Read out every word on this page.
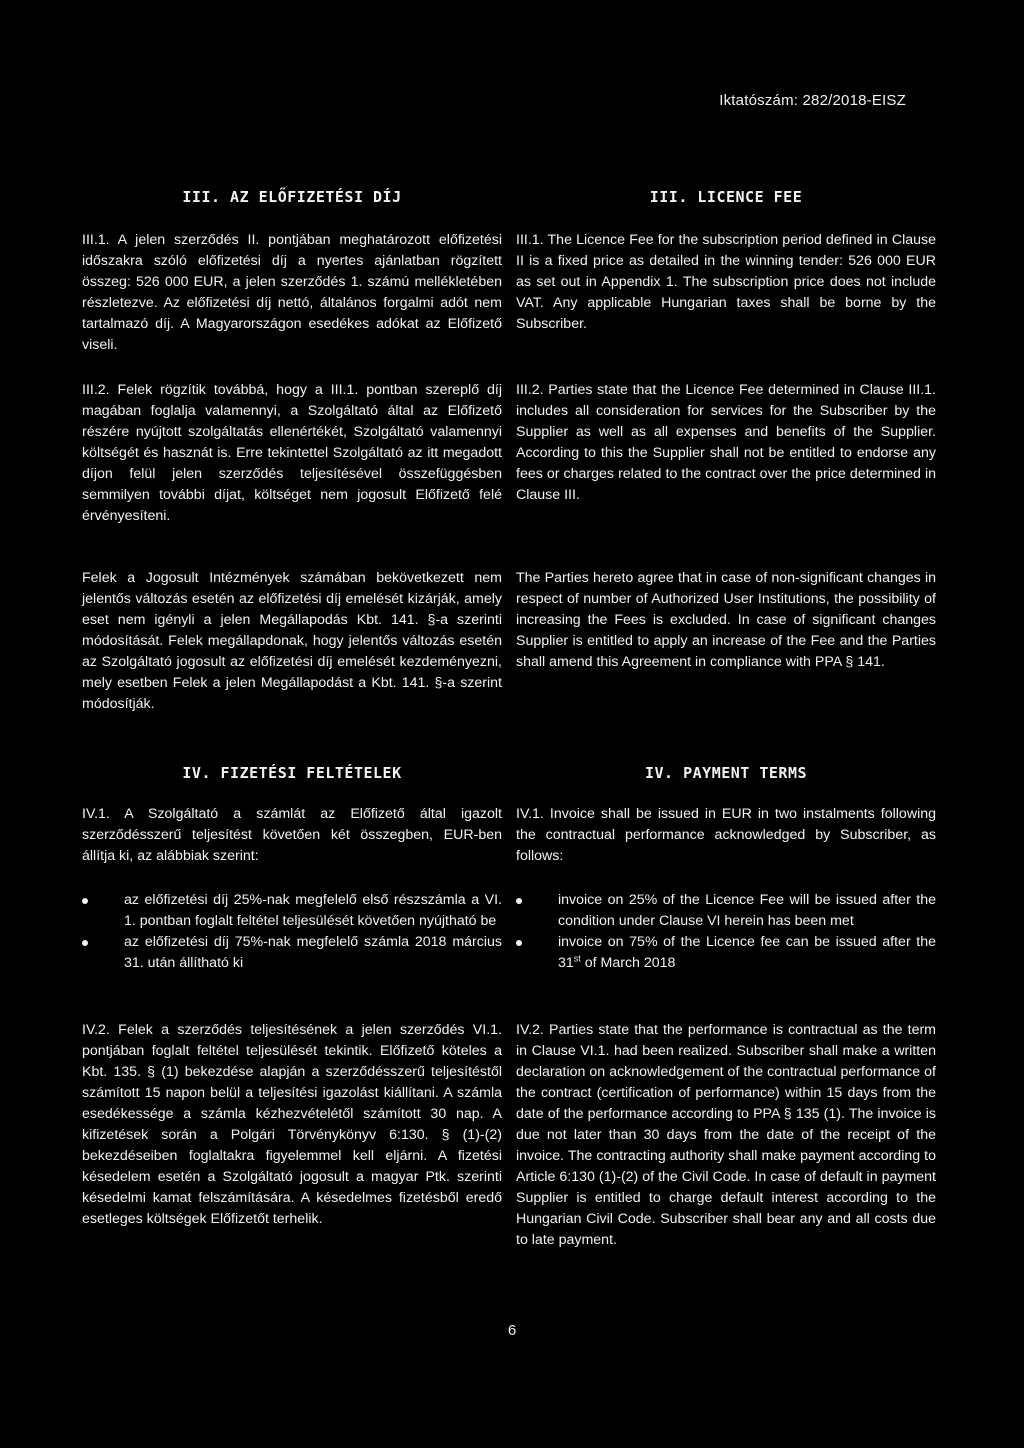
Iktatószám: 282/2018-EISZ
III. AZ ELŐFIZETÉSI DÍJ	III. LICENCE FEE

III.1. A jelen szerződés II. pontjában meghatározott előfizetési időszakra szóló előfizetési díj a nyertes ajánlatban rögzített összeg: 526 000 EUR, a jelen szerződés 1. számú mellékletében részletezve. Az előfizetési díj nettó, általános forgalmi adót nem tartalmazó díj. A Magyarországon esedékes adókat az Előfizető viseli.

III.1. The Licence Fee for the subscription period defined in Clause II is a fixed price as detailed in the winning tender: 526 000 EUR as set out in Appendix 1. The subscription price does not include VAT. Any applicable Hungarian taxes shall be borne by the Subscriber.

III.2. Felek rögzítik továbbá, hogy a III.1. pontban szereplő díj magában foglalja valamennyi, a Szolgáltató által az Előfizető részére nyújtott szolgáltatás ellenértékét, Szolgáltató valamennyi költségét és hasznát is. Erre tekintettel Szolgáltató az itt megadott díjon felül jelen szerződés teljesítésével összefüggésben semmilyen további díjat, költséget nem jogosult Előfizető felé érvényesíteni.

III.2. Parties state that the Licence Fee determined in Clause III.1. includes all consideration for services for the Subscriber by the Supplier as well as all expenses and benefits of the Supplier. According to this the Supplier shall not be entitled to endorse any fees or charges related to the contract over the price determined in Clause III.

Felek a Jogosult Intézmények számában bekövetkezett nem jelentős változás esetén az előfizetési díj emelését kizárják, amely eset nem igényli a jelen Megállapodás Kbt. 141. §-a szerinti módosítását. Felek megállapdonak, hogy jelentős változás esetén az Szolgáltató jogosult az előfizetési díj emelését kezdeményezni, mely esetben Felek a jelen Megállapodást a Kbt. 141. §-a szerint módosítják.

The Parties hereto agree that in case of non-significant changes in respect of number of Authorized User Institutions, the possibility of increasing the Fees is excluded. In case of significant changes Supplier is entitled to apply an increase of the Fee and the Parties shall amend this Agreement in compliance with PPA § 141.

IV. FIZETÉSI FELTÉTELEK	IV. PAYMENT TERMS

IV.1. A Szolgáltató a számlát az Előfizető által igazolt szerződésszerű teljesítést követően két összegben, EUR-ben állítja ki, az alábbiak szerint:

IV.1. Invoice shall be issued in EUR in two instalments following the contractual performance acknowledged by Subscriber, as follows:

az előfizetési díj 25%-nak megfelelő első részszámla a VI. 1. pontban foglalt feltétel teljesülését követően nyújtható be
az előfizetési díj 75%-nak megfelelő számla 2018 március 31. után állítható ki
invoice on 25% of the Licence Fee will be issued after the condition under Clause VI herein has been met
invoice on 75% of the Licence fee can be issued after the 31st of March 2018

IV.2. Felek a szerződés teljesítésének a jelen szerződés VI.1. pontjában foglalt feltétel teljesülését tekintik. Előfizető köteles a Kbt. 135. § (1) bekezdése alapján a szerződésszerű teljesítéstől számított 15 napon belül a teljesítési igazolást kiállítani. A számla esedékessége a számla kézhezvételétől számított 30 nap. A kifizetések során a Polgári Törvénykönyv 6:130. § (1)-(2) bekezdéseiben foglaltakra figyelemmel kell eljárni. A fizetési késedelem esetén a Szolgáltató jogosult a magyar Ptk. szerinti késedelmi kamat felszámítására. A késedelmes fizetésből eredő esetleges költségek Előfizetőt terhelik.

IV.2. Parties state that the performance is contractual as the term in Clause VI.1. had been realized. Subscriber shall make a written declaration on acknowledgement of the contractual performance of the contract (certification of performance) within 15 days from the date of the performance according to PPA § 135 (1). The invoice is due not later than 30 days from the date of the receipt of the invoice. The contracting authority shall make payment according to Article 6:130 (1)-(2) of the Civil Code. In case of default in payment Supplier is entitled to charge default interest according to the Hungarian Civil Code. Subscriber shall bear any and all costs due to late payment.

6
